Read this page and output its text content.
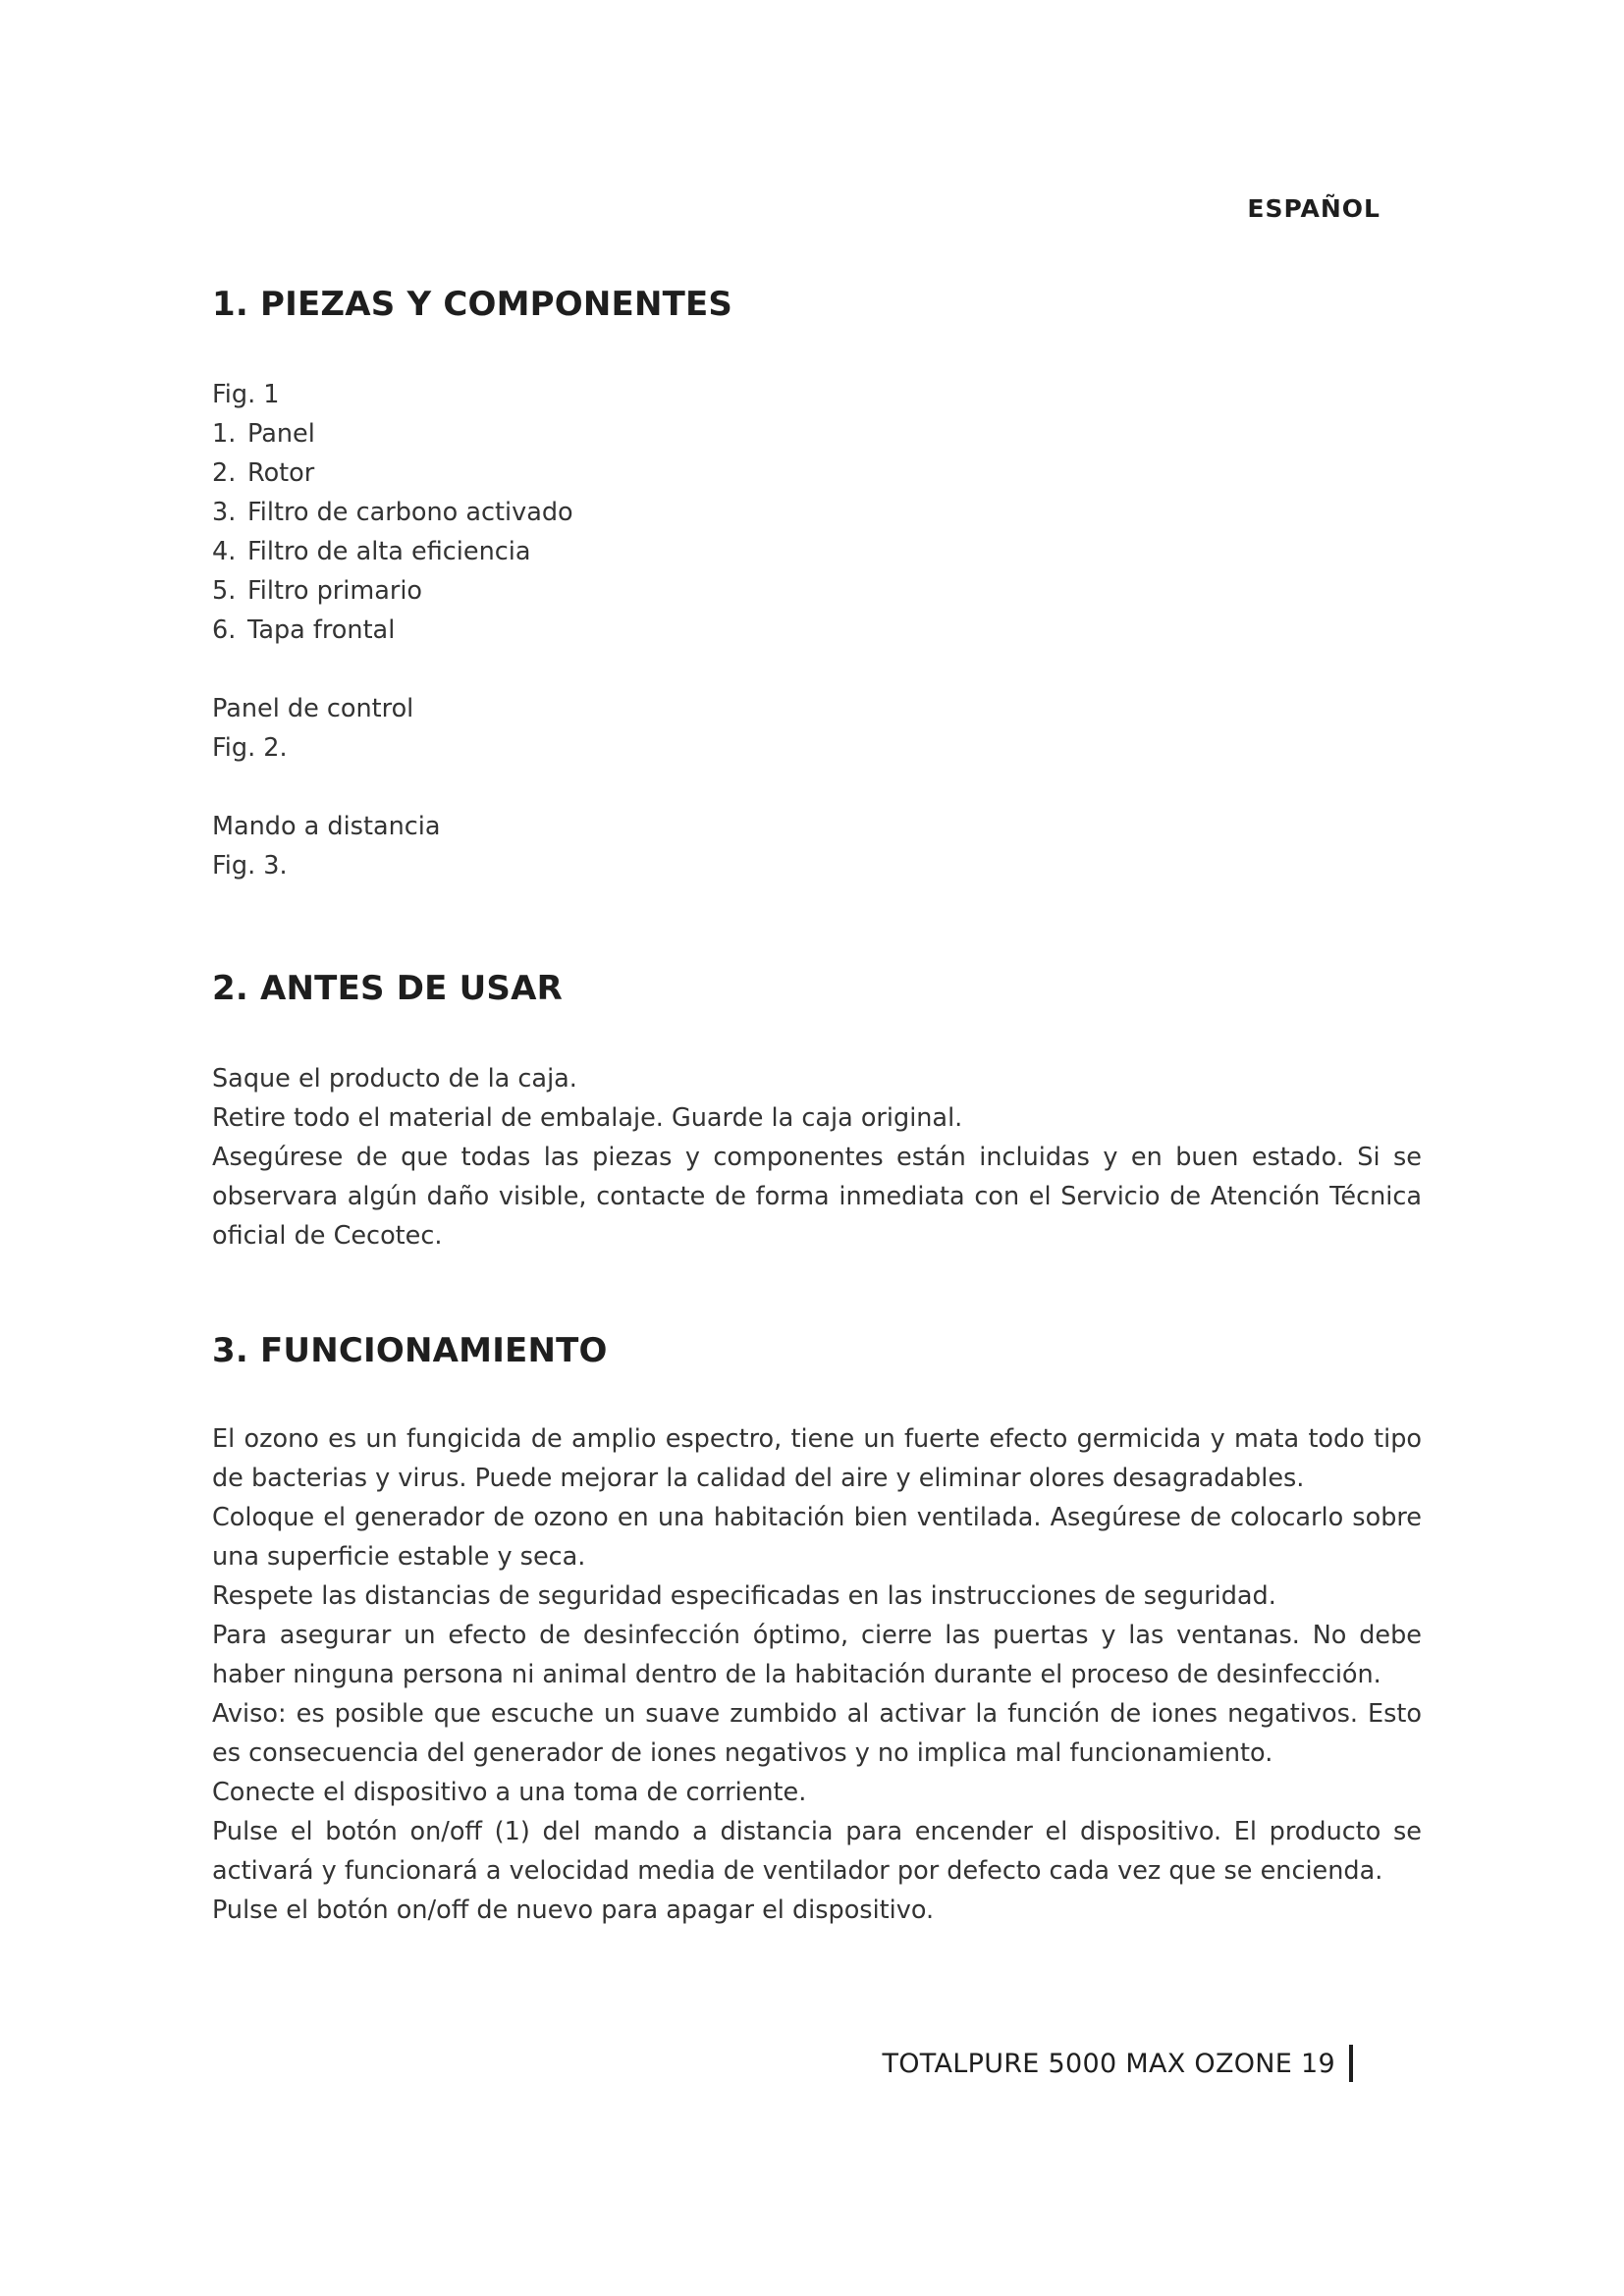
ESPAÑOL
1. PIEZAS Y COMPONENTES

Fig. 1

1. Panel
2. Rotor
3. Filtro de carbono activado
4. Filtro de alta eficiencia
5. Filtro primario
6. Tapa frontal

Panel de control

Fig. 2.

Mando a distancia

Fig. 3.

2. ANTES DE USAR

Saque el producto de la caja.

Retire todo el material de embalaje. Guarde la caja original.

Asegúrese de que todas las piezas y componentes están incluidas y en buen estado. Si se observara algún daño visible, contacte de forma inmediata con el Servicio de Atención Técnica oficial de Cecotec.

3. FUNCIONAMIENTO

El ozono es un fungicida de amplio espectro, tiene un fuerte efecto germicida y mata todo tipo de bacterias y virus. Puede mejorar la calidad del aire y eliminar olores desagradables.

Coloque el generador de ozono en una habitación bien ventilada. Asegúrese de colocarlo sobre una superficie estable y seca.

Respete las distancias de seguridad especificadas en las instrucciones de seguridad.

Para asegurar un efecto de desinfección óptimo, cierre las puertas y las ventanas. No debe haber ninguna persona ni animal dentro de la habitación durante el proceso de desinfección.

Aviso: es posible que escuche un suave zumbido al activar la función de iones negativos. Esto es consecuencia del generador de iones negativos y no implica mal funcionamiento.

Conecte el dispositivo a una toma de corriente.

Pulse el botón on/off (1) del mando a distancia para encender el dispositivo. El producto se activará y funcionará a velocidad media de ventilador por defecto cada vez que se encienda.

Pulse el botón on/off de nuevo para apagar el dispositivo.

TOTALPURE 5000 MAX OZONE 19
